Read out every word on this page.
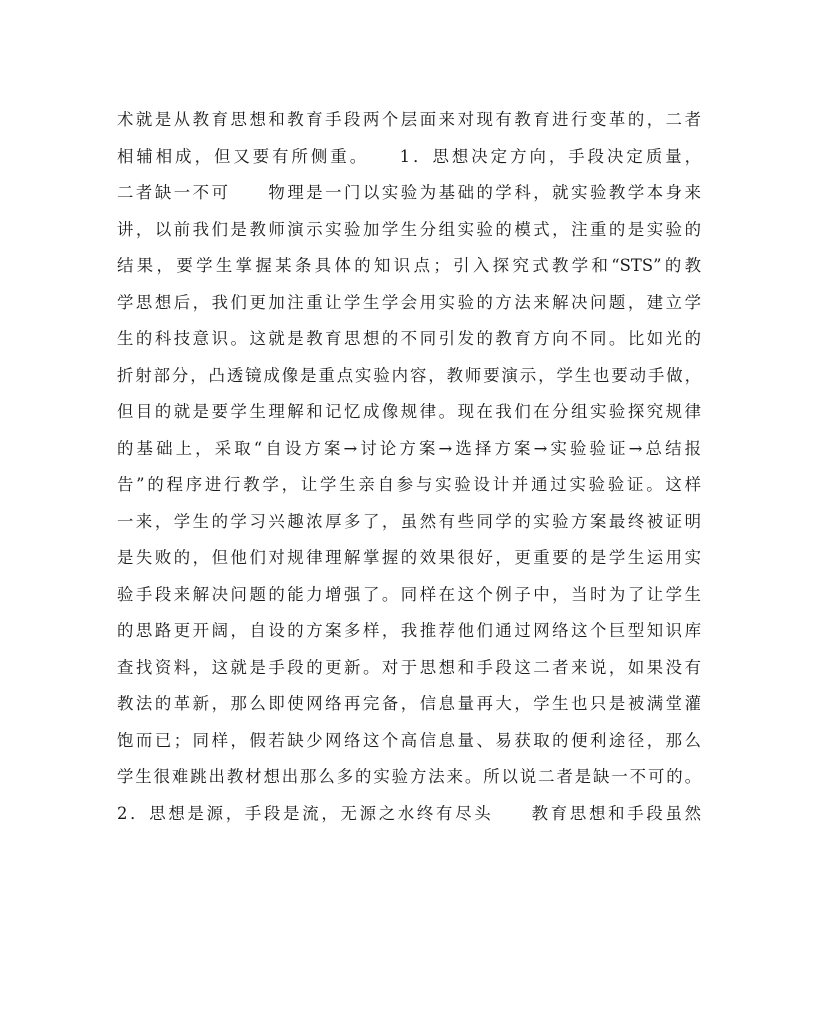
术就是从教育思想和教育手段两个层面来对现有教育进行变革的，二者
相辅相成，但又要有所侧重。　　1．思想决定方向，手段决定质量，
二者缺一不可　　物理是一门以实验为基础的学科，就实验教学本身来
讲，以前我们是教师演示实验加学生分组实验的模式，注重的是实验的
结果，要学生掌握某条具体的知识点；引入探究式教学和“STS”的教
学思想后，我们更加注重让学生学会用实验的方法来解决问题，建立学
生的科技意识。这就是教育思想的不同引发的教育方向不同。比如光的
折射部分，凸透镜成像是重点实验内容，教师要演示，学生也要动手做，
但目的就是要学生理解和记忆成像规律。现在我们在分组实验探究规律
的基础上，采取“自设方案→讨论方案→选择方案→实验验证→总结报
告”的程序进行教学，让学生亲自参与实验设计并通过实验验证。这样
一来，学生的学习兴趣浓厚多了，虽然有些同学的实验方案最终被证明
是失败的，但他们对规律理解掌握的效果很好，更重要的是学生运用实
验手段来解决问题的能力增强了。同样在这个例子中，当时为了让学生
的思路更开阔，自设的方案多样，我推荐他们通过网络这个巨型知识库
查找资料，这就是手段的更新。对于思想和手段这二者来说，如果没有
教法的革新，那么即使网络再完备，信息量再大，学生也只是被满堂灌
饱而已；同样，假若缺少网络这个高信息量、易获取的便利途径，那么
学生很难跳出教材想出那么多的实验方法来。所以说二者是缺一不可的。
2．思想是源，手段是流，无源之水终有尽头　　教育思想和手段虽然
